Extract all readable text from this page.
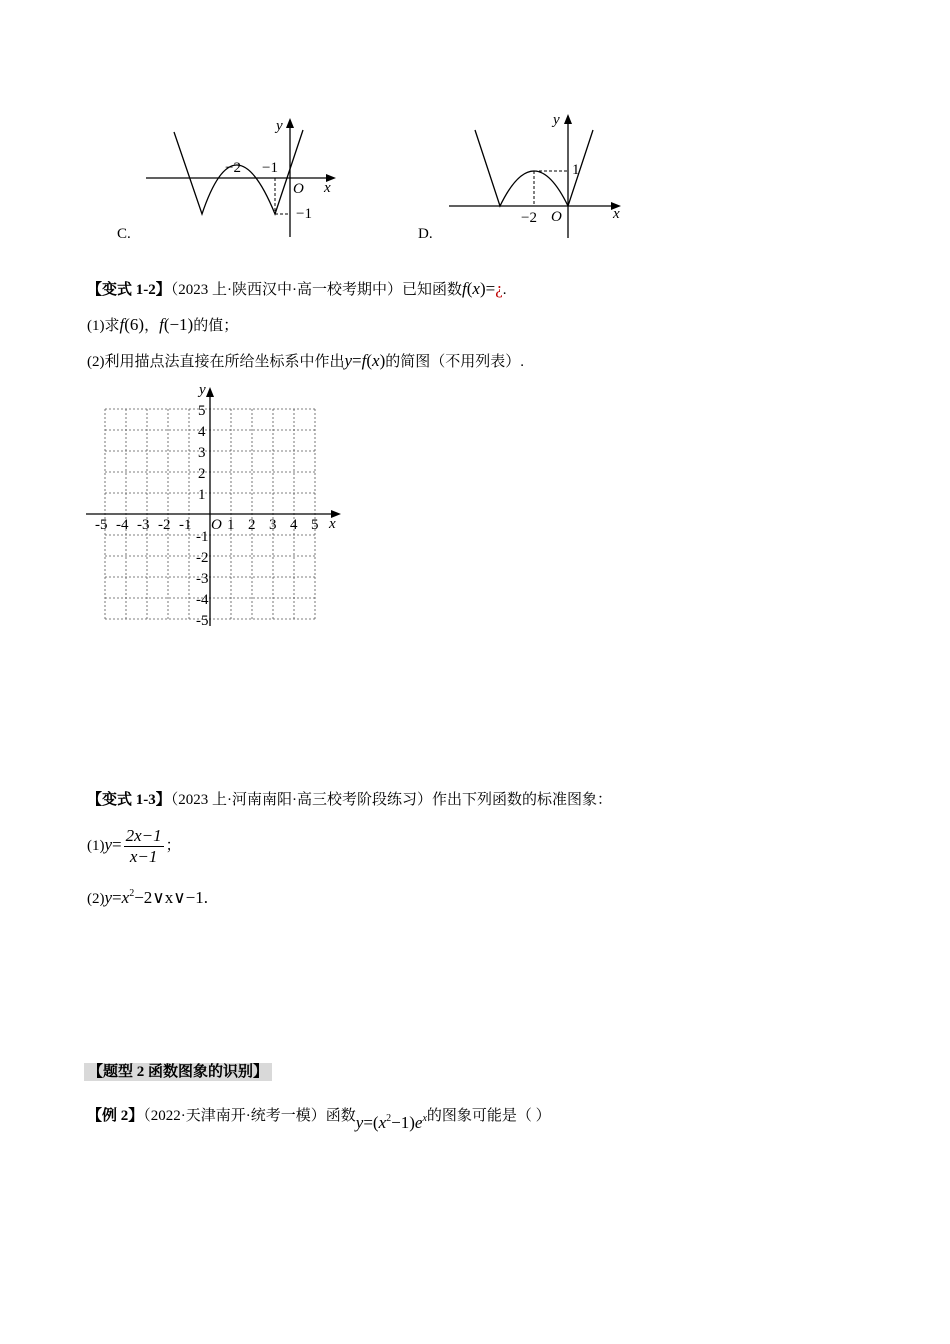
y
x
O
−2 −1
−1
C.
y
x
O
−2
1
D.
【变式 1-2】（2023 上·陕西汉中·高一校考期中）已知函数f(x)=¿.
(1)求f(6)，f(−1)的值；
(2)利用描点法直接在所给坐标系中作出y=f(x)的简图（不用列表）.
y
x
O
-5 -4 -3 -2 -1 1 2 3 4 5
5
4
3
2
1
-1
-2
-3
-4
-5
【变式 1-3】（2023 上·河南南阳·高三校考阶段练习）作出下列函数的标准图象：
$(1)y= \frac{2x-1}{x-1}$ ；
$(2)y=x^2-2\vee x\vee-1$.
【题型 2 函数图象的识别】
【例 2】（2022·天津南开·统考一模）函数$y=(x^2-1)e^x$的图象可能是（ ）
